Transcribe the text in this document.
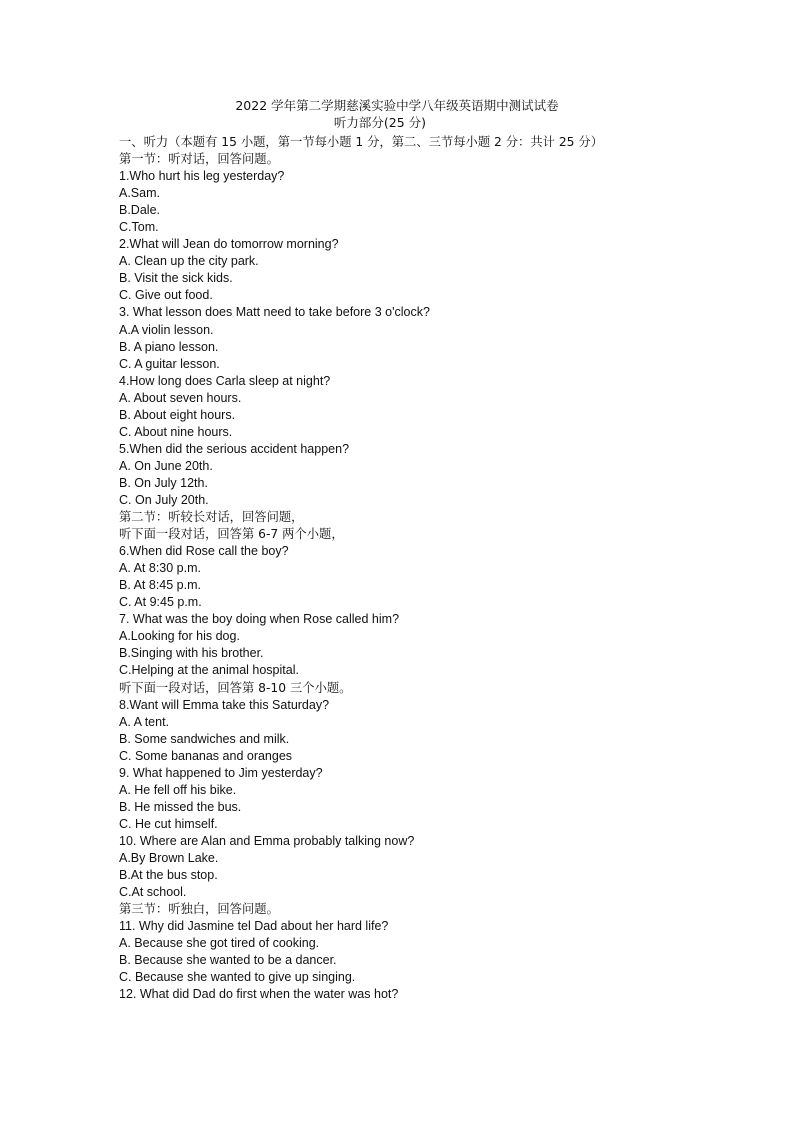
2022 学年第二学期慈溪实验中学八年级英语期中测试试卷
听力部分(25 分)
一、听力（本题有 15 小题，第一节每小题 1 分，第二、三节每小题 2 分：共计 25 分）
第一节：听对话，回答问题。
1.Who hurt his leg yesterday?
A.Sam.
B.Dale.
C.Tom.
2.What will Jean do tomorrow morning?
A. Clean up the city park.
B. Visit the sick kids.
C. Give out food.
3. What lesson does Matt need to take before 3 o'clock?
A.A violin lesson.
B. A piano lesson.
C. A guitar lesson.
4.How long does Carla sleep at night?
A. About seven hours.
B. About eight hours.
C. About nine hours.
5.When did the serious accident happen?
A. On June 20th.
B. On July 12th.
C. On July 20th.
第二节：听较长对话，回答问题，
听下面一段对话，回答第 6-7 两个小题，
6.When did Rose call the boy?
A. At 8:30 p.m.
B. At 8:45 p.m.
C. At 9:45 p.m.
7. What was the boy doing when Rose called him?
A.Looking for his dog.
B.Singing with his brother.
C.Helping at the animal hospital.
听下面一段对话，回答第 8-10 三个小题。
8.Want will Emma take this Saturday?
A. A tent.
B. Some sandwiches and milk.
C. Some bananas and oranges
9. What happened to Jim yesterday?
A. He fell off his bike.
B. He missed the bus.
C. He cut himself.
10. Where are Alan and Emma probably talking now?
A.By Brown Lake.
B.At the bus stop.
C.At school.
第三节：听独白，回答问题。
11. Why did Jasmine tel Dad about her hard life?
A. Because she got tired of cooking.
B. Because she wanted to be a dancer.
C. Because she wanted to give up singing.
12. What did Dad do first when the water was hot?
